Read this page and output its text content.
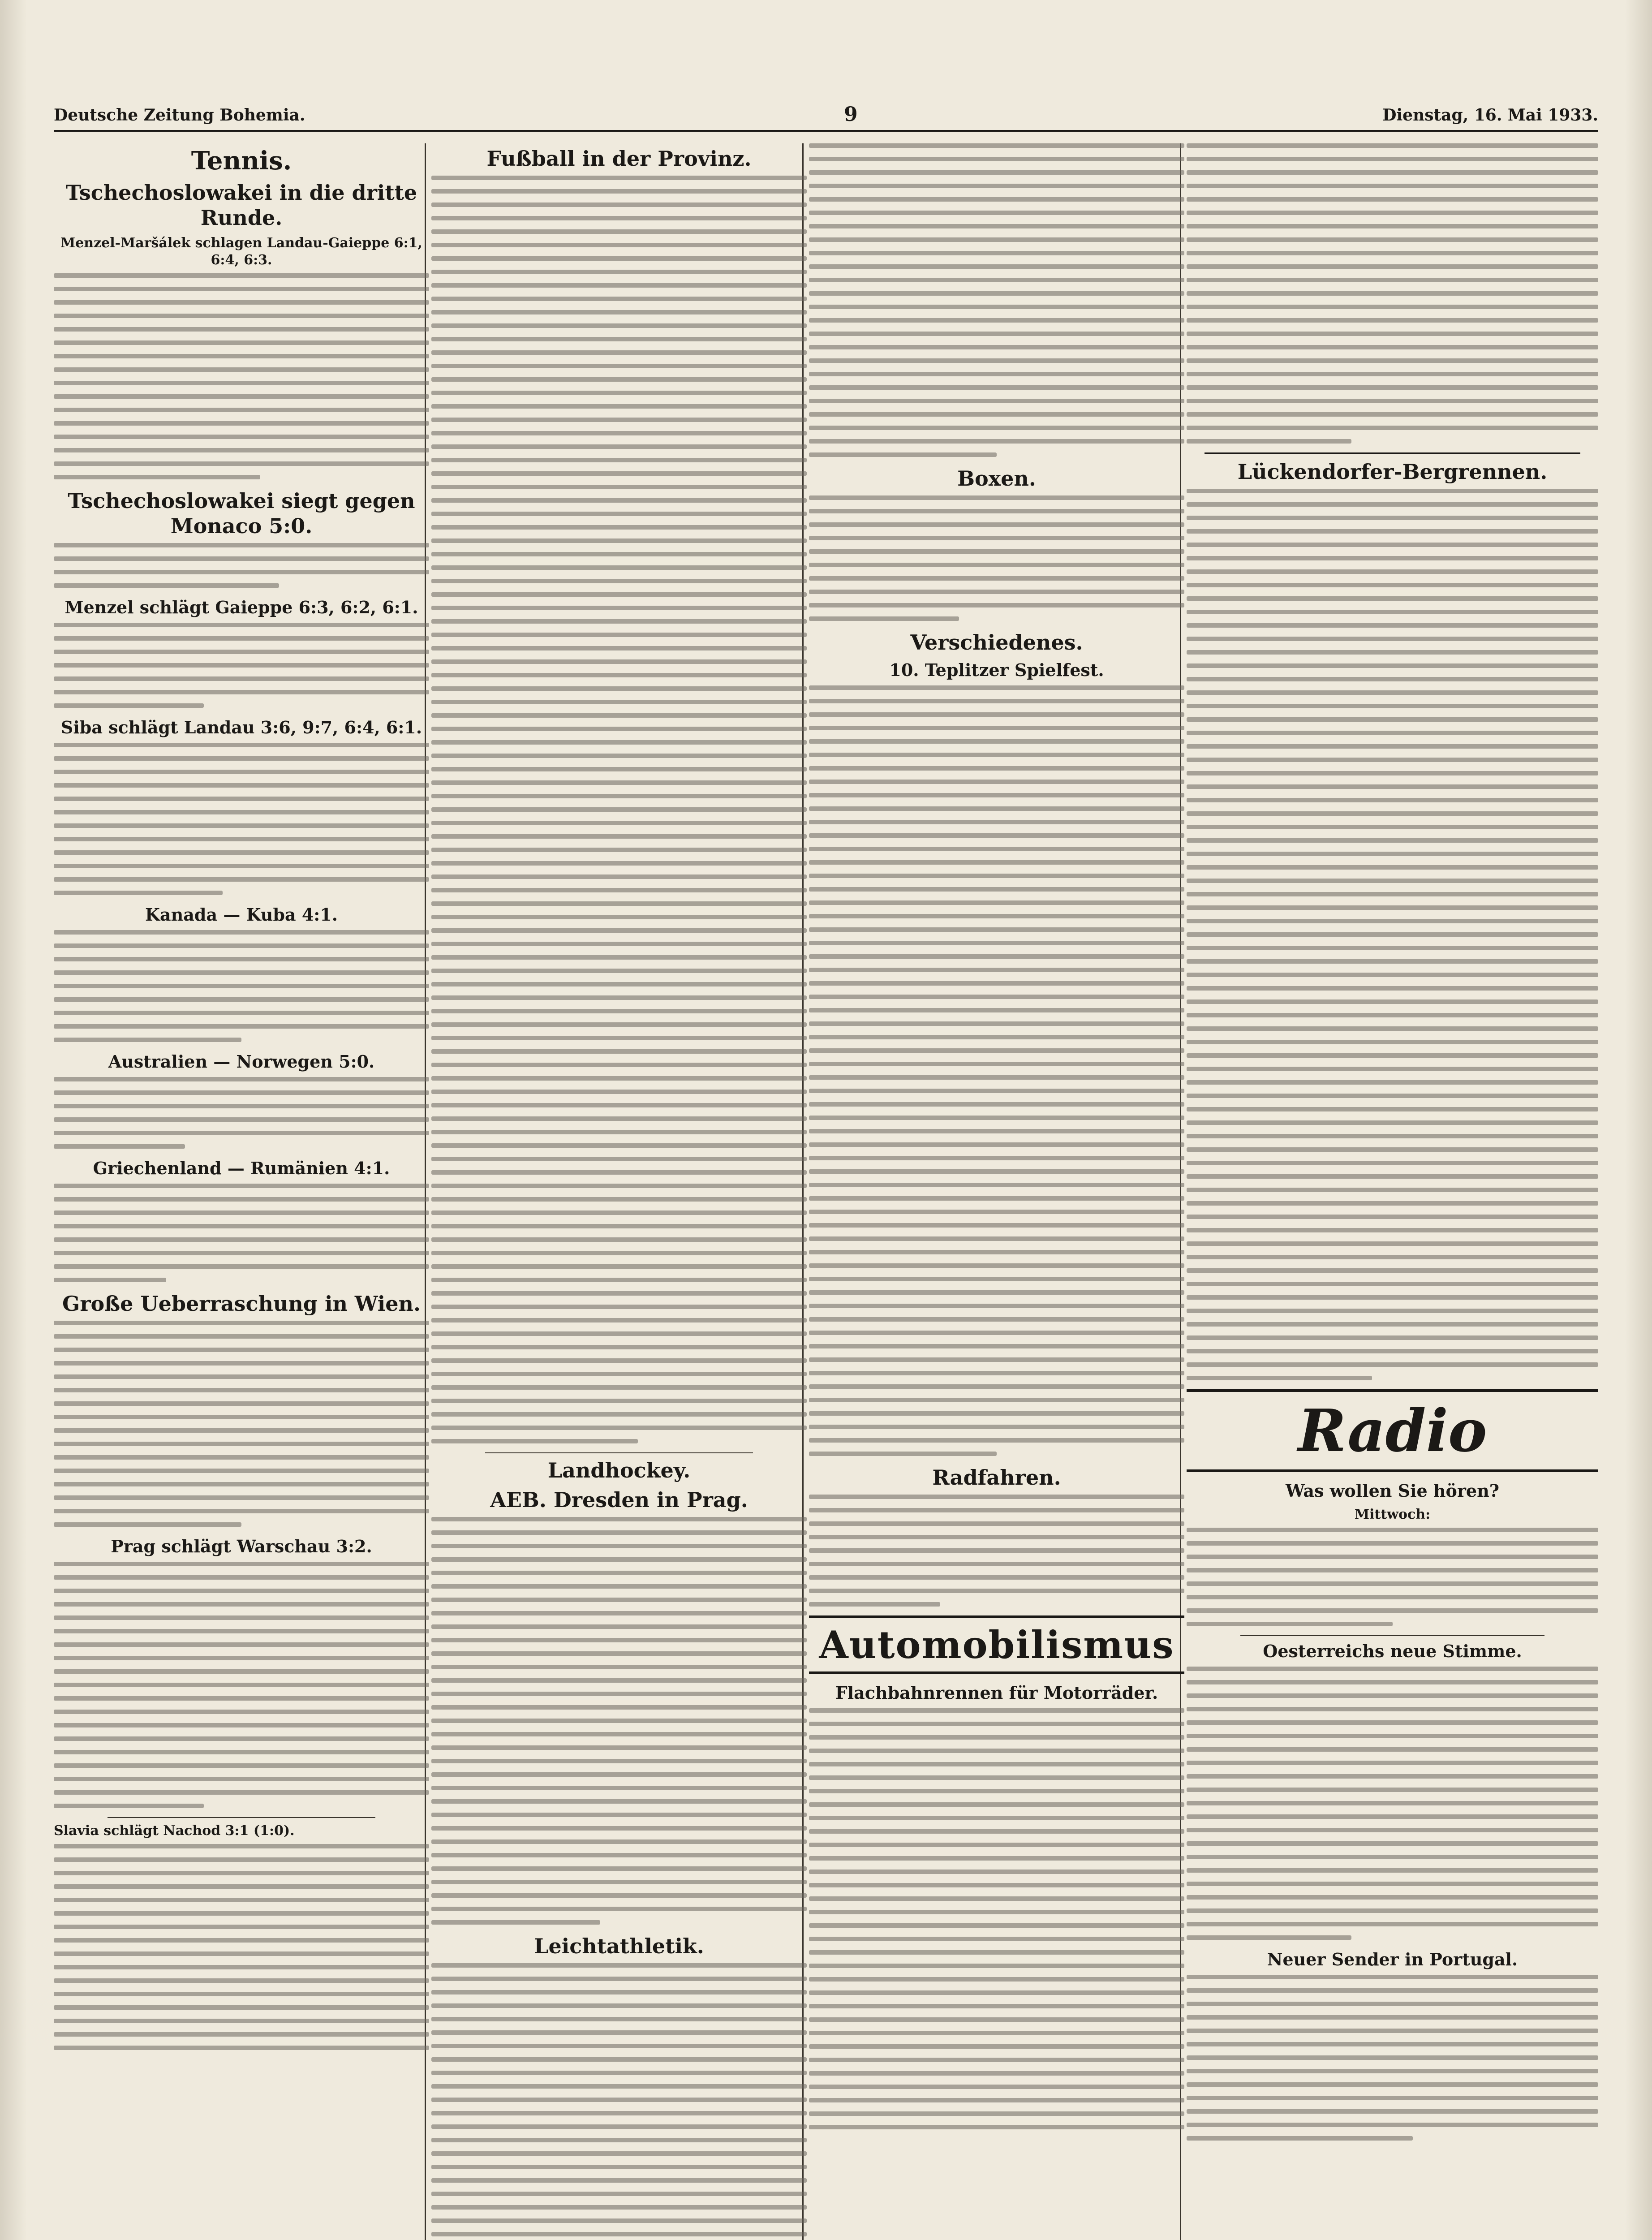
Deutsche Zeitung Bohemia.	9	Dienstag, 16. Mai 1933.
Tennis.
Tschechoslowakei in die dritte Runde.
Menzel-Maršálek schlagen Landau-Gaieppe 6:1, 6:4, 6:3.
Tschechoslowakei siegt gegen Monaco 5:0.
Menzel schlägt Gaieppe 6:3, 6:2, 6:1.
Siba schlägt Landau 3:6, 9:7, 6:4, 6:1.
Kanada — Kuba 4:1.
Australien — Norwegen 5:0.
Griechenland — Rumänien 4:1.
Große Ueberraschung in Wien.
Prag schlägt Warschau 3:2.
Slavia schlägt Nachod 3:1 (1:0).
Fußball in der Provinz.
Landhockey.
AEB. Dresden in Prag.
Leichtathletik.
Boxen.
Verschiedenes.
10. Teplitzer Spielfest.
Radfahren.
Automobilismus
Flachbahnrennen für Motorräder.
Lückendorfer-Bergrennen.
Radio
Was wollen Sie hören?
Mittwoch:
Oesterreichs neue Stimme.
Neuer Sender in Portugal.
